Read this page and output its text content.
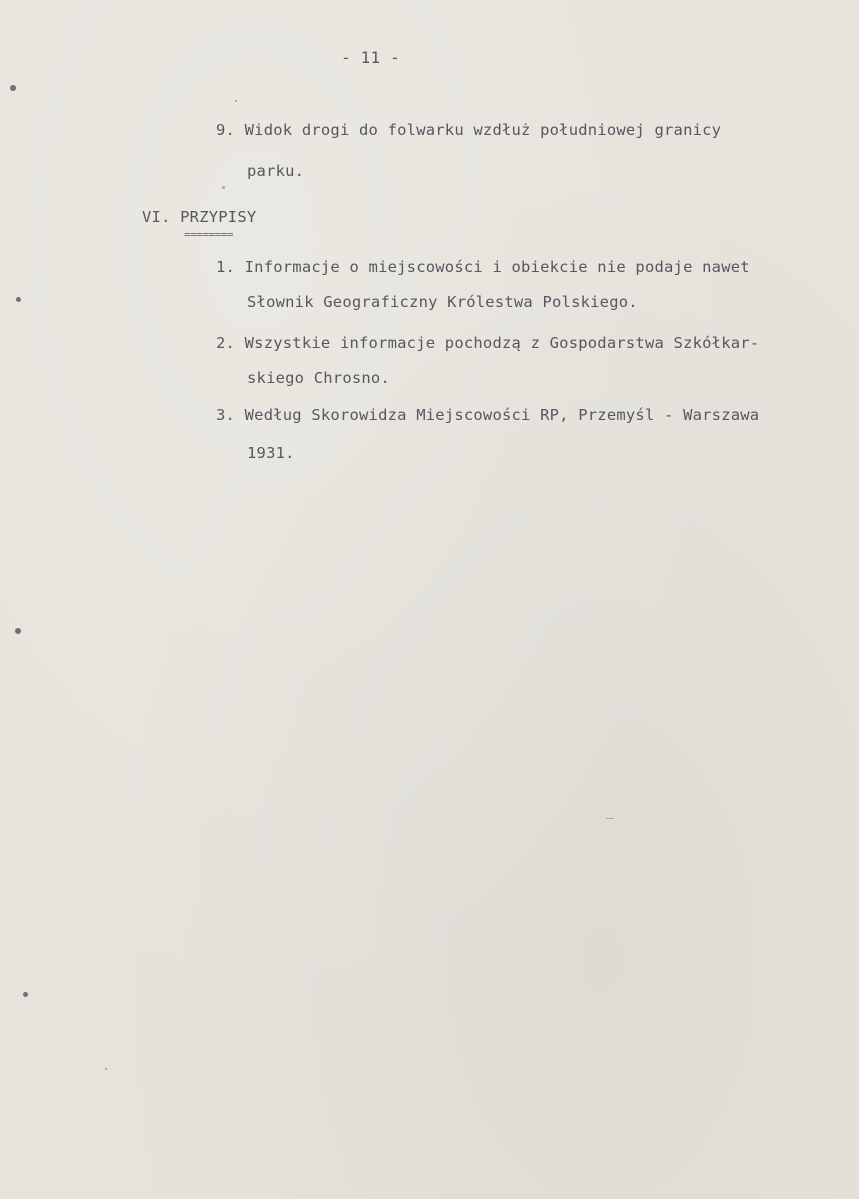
- 11 -
9. Widok drogi do folwarku wzdłuż południowej granicy
parku.
VI. PRZYPISY
========
1. Informacje o miejscowości i obiekcie nie podaje nawet
Słownik Geograficzny Królestwa Polskiego.
2. Wszystkie informacje pochodzą z Gospodarstwa Szkółkar-
skiego Chrosno.
3. Według Skorowidza Miejscowości RP, Przemyśl - Warszawa
1931.
